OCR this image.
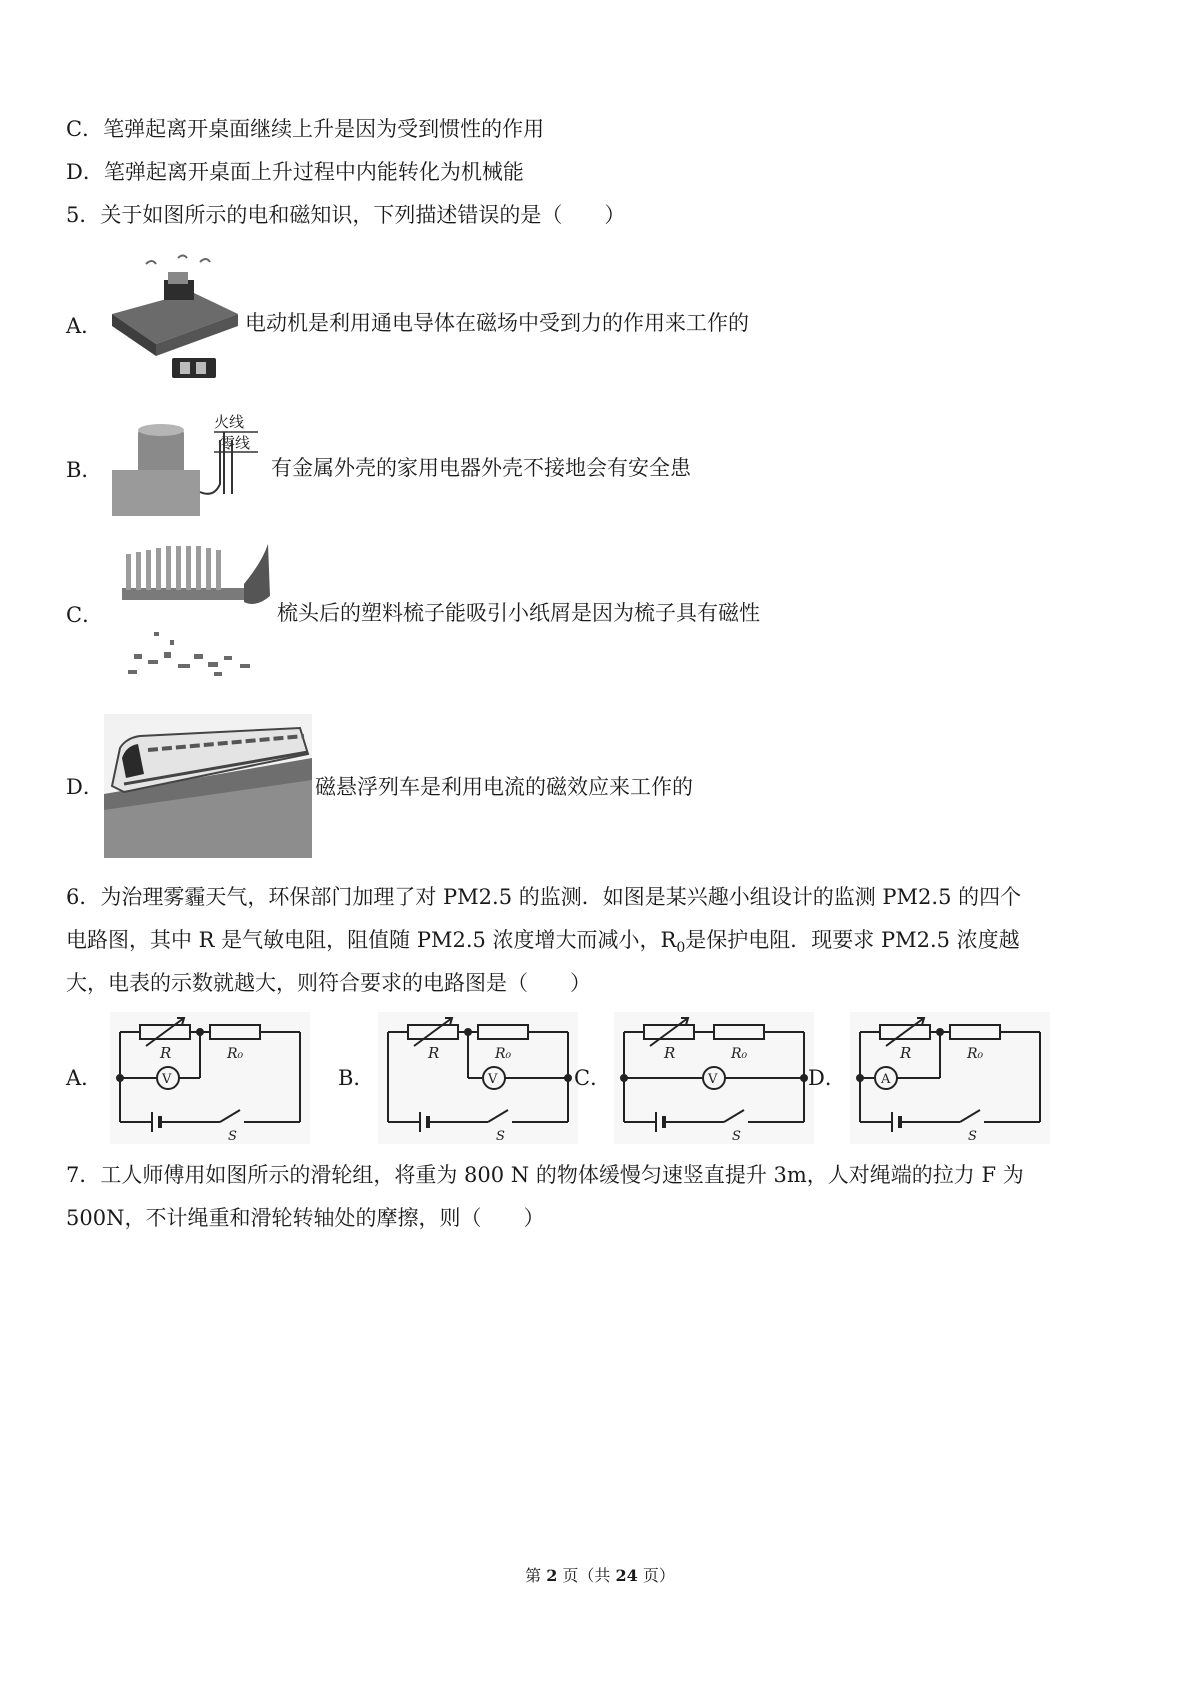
C．笔弹起离开桌面继续上升是因为受到惯性的作用
D．笔弹起离开桌面上升过程中内能转化为机械能
5．关于如图所示的电和磁知识，下列描述错误的是（　　）
A．	电动机是利用通电导体在磁场中受到力的作用来工作的
B．
火线
零线
有金属外壳的家用电器外壳不接地会有安全患
C．	梳头后的塑料梳子能吸引小纸屑是因为梳子具有磁性
D．	磁悬浮列车是利用电流的磁效应来工作的
6．为治理雾霾天气，环保部门加理了对 PM2.5 的监测．如图是某兴趣小组设计的监测 PM2.5 的四个
电路图，其中 R 是气敏电阻，阻值随 PM2.5 浓度增大而减小，$R_0$是保护电阻．现要求 PM2.5 浓度越
大，电表的示数就越大，则符合要求的电路图是（　　）
A．
R	R₀
V
S
B．
R	R₀
V
S
C．
R	R₀
V
S
D．
R	R₀
A
S
7．工人师傅用如图所示的滑轮组，将重为 800 N 的物体缓慢匀速竖直提升 3m，人对绳端的拉力 F 为
500N，不计绳重和滑轮转轴处的摩擦，则（　　）
第 2 页（共 24 页）
